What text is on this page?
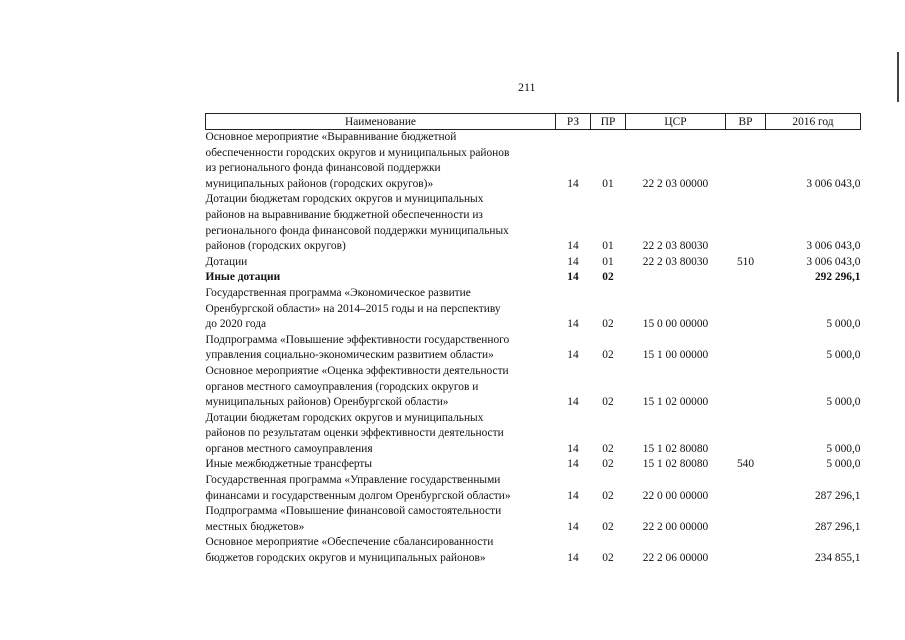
211
Наименование	РЗ	ПР	ЦСР	ВР	2016 год

Основное мероприятие «Выравнивание бюджетной
обеспеченности городских округов и муниципальных районов
из регионального фонда финансовой поддержки
муниципальных районов (городских округов)»	14	01	22 2 03 00000		3 006 043,0

Дотации бюджетам городских округов и муниципальных
районов на выравнивание бюджетной обеспеченности из
регионального фонда финансовой поддержки муниципальных
районов (городских округов)	14	01	22 2 03 80030		3 006 043,0

Дотации	14	01	22 2 03 80030	510	3 006 043,0

Иные дотации	14	02			292 296,1

Государственная программа «Экономическое развитие
Оренбургской области» на 2014–2015 годы и на перспективу
до 2020 года	14	02	15 0 00 00000		5 000,0

Подпрограмма «Повышение эффективности государственного
управления социально-экономическим развитием области»	14	02	15 1 00 00000		5 000,0

Основное мероприятие «Оценка эффективности деятельности
органов местного самоуправления (городских округов и
муниципальных районов) Оренбургской области»	14	02	15 1 02 00000		5 000,0

Дотации бюджетам городских округов и муниципальных
районов по результатам оценки эффективности деятельности
органов местного самоуправления	14	02	15 1 02 80080		5 000,0

Иные межбюджетные трансферты	14	02	15 1 02 80080	540	5 000,0

Государственная программа «Управление государственными
финансами и государственным долгом Оренбургской области»	14	02	22 0 00 00000		287 296,1

Подпрограмма «Повышение финансовой самостоятельности
местных бюджетов»	14	02	22 2 00 00000		287 296,1

Основное мероприятие «Обеспечение сбалансированности
бюджетов городских округов и муниципальных районов»	14	02	22 2 06 00000		234 855,1
